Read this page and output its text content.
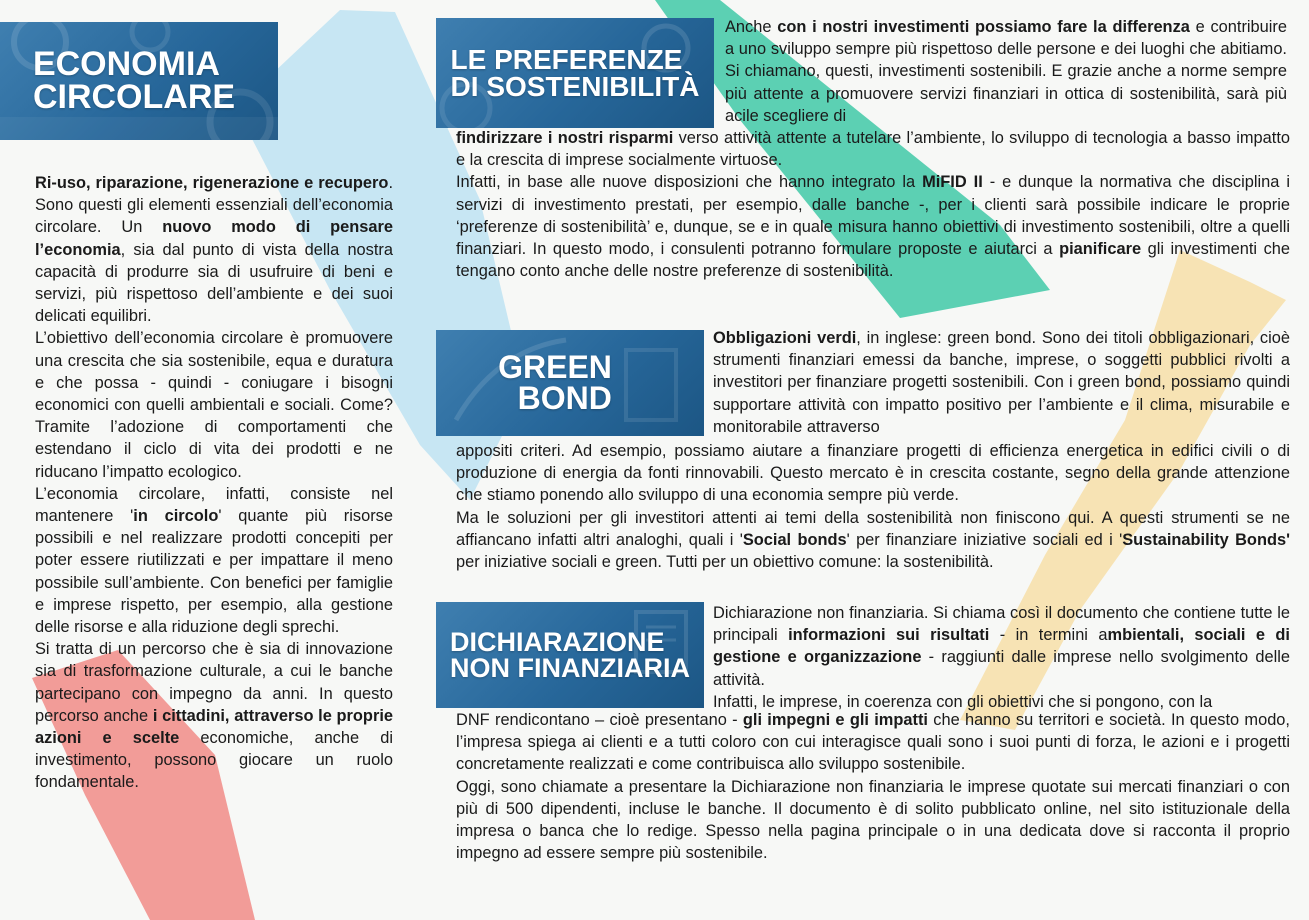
ECONOMIA
CIRCOLARE

Ri-uso, riparazione, rigenerazione e recupero. Sono questi gli elementi essenziali dell’economia circolare. Un nuovo modo di pensare l’economia, sia dal punto di vista della nostra capacità di produrre sia di usufruire di beni e servizi, più rispettoso dell’ambiente e dei suoi delicati equilibri.

L’obiettivo dell’economia circolare è promuovere una crescita che sia sostenibile, equa e duratura e che possa - quindi - coniugare i bisogni economici con quelli ambientali e sociali. Come? Tramite l’adozione di comportamenti che estendano il ciclo di vita dei prodotti e ne riducano l’impatto ecologico.

L’economia circolare, infatti, consiste nel mantenere 'in circolo' quante più risorse possibili e nel realizzare prodotti concepiti per poter essere riutilizzati e per impattare il meno possibile sull’ambiente. Con benefici per famiglie e imprese rispetto, per esempio, alla gestione delle risorse e alla riduzione degli sprechi.

Si tratta di un percorso che è sia di innovazione sia di trasformazione culturale, a cui le banche partecipano con impegno da anni. In questo percorso anche i cittadini, attraverso le proprie azioni e scelte economiche, anche di investimento, possono giocare un ruolo fondamentale.

LE PREFERENZE
DI SOSTENIBILITÀ

Anche con i nostri investimenti possiamo fare la differenza e contribuire a uno sviluppo sempre più rispettoso delle persone e dei luoghi che abitiamo. Si chiamano, questi, investimenti sostenibili. E grazie anche a norme sempre più attente a promuovere servizi finanziari in ottica di sostenibilità, sarà più acile scegliere di

findirizzare i nostri risparmi verso attività attente a tutelare l’ambiente, lo sviluppo di tecnologia a basso impatto e la crescita di imprese socialmente virtuose.

Infatti, in base alle nuove disposizioni che hanno integrato la MiFID II - e dunque la normativa che disciplina i servizi di investimento prestati, per esempio, dalle banche -, per i clienti sarà possibile indicare le proprie ‘preferenze di sostenibilità’ e, dunque, se e in quale misura hanno obiettivi di investimento sostenibili, oltre a quelli finanziari. In questo modo, i consulenti potranno formulare proposte e aiutarci a pianificare gli investimenti che tengano conto anche delle nostre preferenze di sostenibilità.

GREEN
BOND

Obbligazioni verdi, in inglese: green bond. Sono dei titoli obbligazionari, cioè strumenti finanziari emessi da banche, imprese, o soggetti pubblici rivolti a investitori per finanziare progetti sostenibili. Con i green bond, possiamo quindi supportare attività con impatto positivo per l’ambiente e il clima, misurabile e monitorabile attraverso

appositi criteri. Ad esempio, possiamo aiutare a finanziare progetti di efficienza energetica in edifici civili o di produzione di energia da fonti rinnovabili. Questo mercato è in crescita costante, segno della grande attenzione che stiamo ponendo allo sviluppo di una economia sempre più verde.

Ma le soluzioni per gli investitori attenti ai temi della sostenibilità non finiscono qui. A questi strumenti se ne affiancano infatti altri analoghi, quali i 'Social bonds' per finanziare iniziative sociali ed i 'Sustainability Bonds' per iniziative sociali e green. Tutti per un obiettivo comune: la sostenibilità.

DICHIARAZIONE
NON FINANZIARIA

Dichiarazione non finanziaria. Si chiama così il documento che contiene tutte le principali informazioni sui risultati - in termini ambientali, sociali e di gestione e organizzazione - raggiunti dalle imprese nello svolgimento delle attività.

Infatti, le imprese, in coerenza con gli obiettivi che si pongono, con la

DNF rendicontano – cioè presentano - gli impegni e gli impatti che hanno su territori e società. In questo modo, l’impresa spiega ai clienti e a tutti coloro con cui interagisce quali sono i suoi punti di forza, le azioni e i progetti concretamente realizzati e come contribuisca allo sviluppo sostenibile.

Oggi, sono chiamate a presentare la Dichiarazione non finanziaria le imprese quotate sui mercati finanziari o con più di 500 dipendenti, incluse le banche. Il documento è di solito pubblicato online, nel sito istituzionale della impresa o banca che lo redige. Spesso nella pagina principale o in una dedicata dove si racconta il proprio impegno ad essere sempre più sostenibile.
